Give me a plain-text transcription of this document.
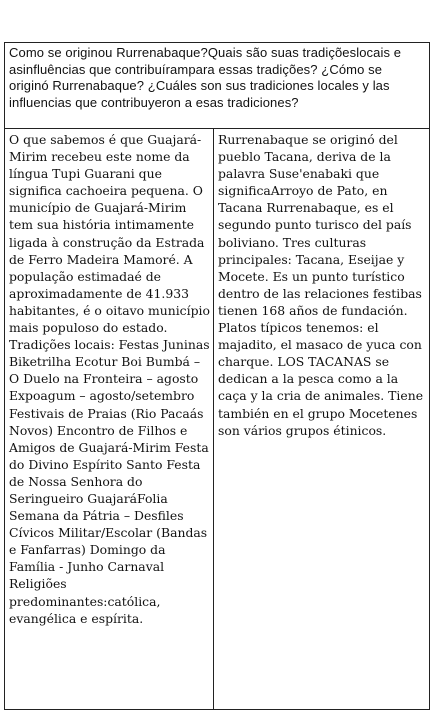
Como se originou Rurrenabaque?Quais são suas tradiçõeslocais e asinfluências que contribuírampara essas tradições? ¿Cómo se originó Rurrenabaque? ¿Cuáles son sus tradiciones locales y las influencias que contribuyeron a esas tradiciones?
O que sabemos é que Guajará-Mirim recebeu este nome da língua Tupi Guarani que significa cachoeira pequena. O município de Guajará-Mirim tem sua história intimamente ligada à construção da Estrada de Ferro Madeira Mamoré. A população estimadaé de aproximadamente de 41.933 habitantes, é o oitavo município mais populoso do estado. Tradições locais: Festas Juninas Biketrilha Ecotur Boi Bumbá – O Duelo na Fronteira – agosto Expoagum – agosto/setembro Festivais de Praias (Rio Pacaás Novos) Encontro de Filhos e Amigos de Guajará-Mirim Festa do Divino Espírito Santo Festa de Nossa Senhora do Seringueiro GuajaráFolia Semana da Pátria – Desfiles Cívicos Militar/Escolar (Bandas e Fanfarras) Domingo da Família - Junho Carnaval Religiões predominantes:católica, evangélica e espírita.
Rurrenabaque se originó del pueblo Tacana, deriva de la palavra Suse'enabaki que significaArroyo de Pato, en Tacana Rurrenabaque, es el segundo punto turisco del país boliviano. Tres culturas principales: Tacana, Eseijae y Mocete. Es un punto turístico dentro de las relaciones festibas tienen 168 años de fundación. Platos típicos tenemos: el majadito, el masaco de yuca con charque. LOS TACANAS se dedican a la pesca como a la caça y la cria de animales. Tiene también en el grupo Mocetenes son vários grupos étinicos.
